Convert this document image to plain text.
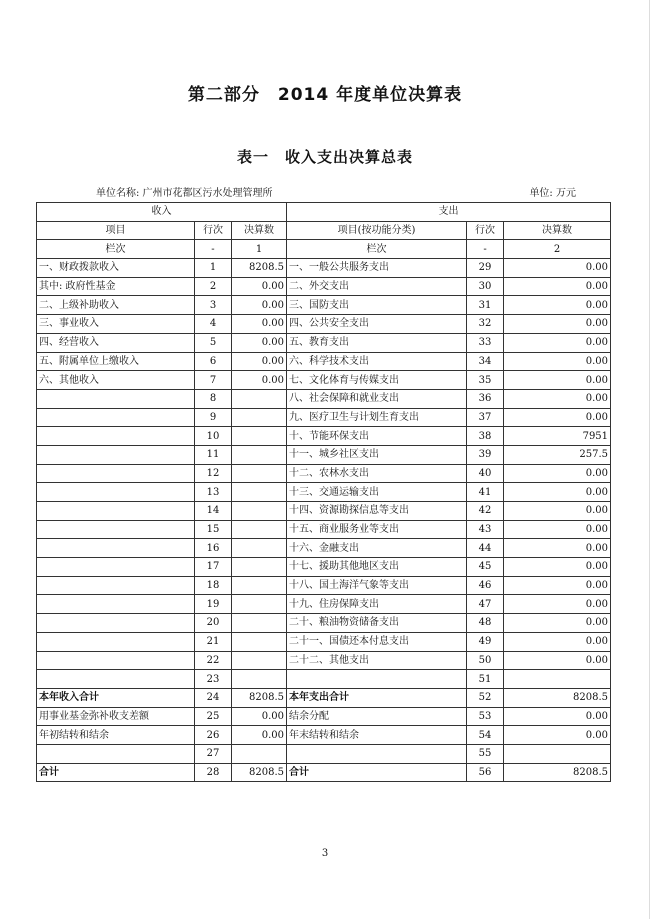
第二部分 2014 年度单位决算表
表一 收入支出决算总表
单位名称: 广州市花都区污水处理管理所	单位: 万元
收入			支出		
项目	行次	决算数	项目(按功能分类)	行次	决算数
栏次	-	1	栏次	-	2
一、财政拨款收入	1	8208.5	一、一般公共服务支出	29	0.00
其中: 政府性基金	2	0.00	二、外交支出	30	0.00
二、上级补助收入	3	0.00	三、国防支出	31	0.00
三、事业收入	4	0.00	四、公共安全支出	32	0.00
四、经营收入	5	0.00	五、教育支出	33	0.00
五、附属单位上缴收入	6	0.00	六、科学技术支出	34	0.00
六、其他收入	7	0.00	七、文化体育与传媒支出	35	0.00
	8		八、社会保障和就业支出	36	0.00
	9		九、医疗卫生与计划生育支出	37	0.00
	10		十、节能环保支出	38	7951
	11		十一、城乡社区支出	39	257.5
	12		十二、农林水支出	40	0.00
	13		十三、交通运输支出	41	0.00
	14		十四、资源勘探信息等支出	42	0.00
	15		十五、商业服务业等支出	43	0.00
	16		十六、金融支出	44	0.00
	17		十七、援助其他地区支出	45	0.00
	18		十八、国土海洋气象等支出	46	0.00
	19		十九、住房保障支出	47	0.00
	20		二十、粮油物资储备支出	48	0.00
	21		二十一、国债还本付息支出	49	0.00
	22		二十二、其他支出	50	0.00
	23			51	
本年收入合计	24	8208.5	本年支出合计	52	8208.5
用事业基金弥补收支差额	25	0.00	结余分配	53	0.00
年初结转和结余	26	0.00	年末结转和结余	54	0.00
	27			55	
合计	28	8208.5	合计	56	8208.5
3
